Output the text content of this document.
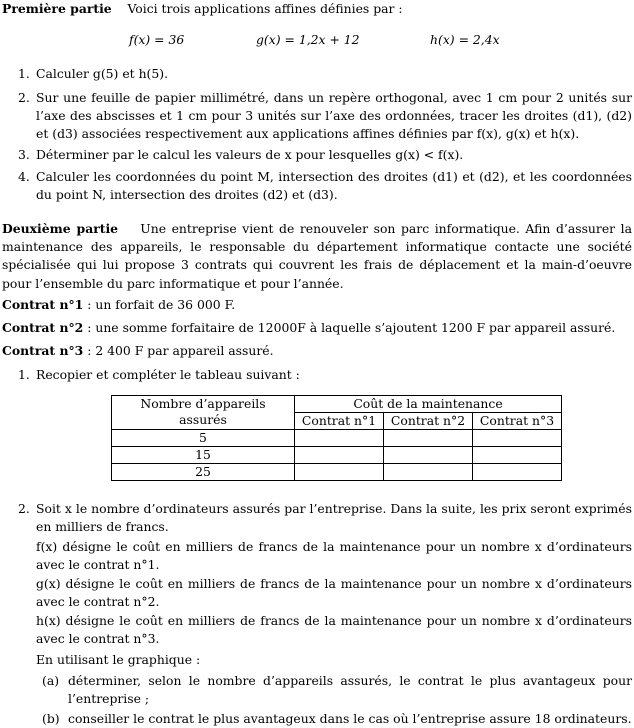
Première partie Voici trois applications affines définies par :

f(x) = 36	g(x) = 1,2x + 12	h(x) = 2,4x
1. Calculer g(5) et h(5).
2. Sur une feuille de papier millimétré, dans un repère orthogonal, avec 1 cm pour 2 unités sur l’axe des abscisses et 1 cm pour 3 unités sur l’axe des ordonnées, tracer les droites (d1), (d2) et (d3) associées respectivement aux applications affines définies par f(x), g(x) et h(x).
3. Déterminer par le calcul les valeurs de x pour lesquelles g(x) < f(x).
4. Calculer les coordonnées du point M, intersection des droites (d1) et (d2), et les coordonnées du point N, intersection des droites (d2) et (d3).

Deuxième partie Une entreprise vient de renouveler son parc informatique. Afin d’assurer la maintenance des appareils, le responsable du département informatique contacte une société spécialisée qui lui propose 3 contrats qui couvrent les frais de déplacement et la main-d’oeuvre pour l’ensemble du parc informatique et pour l’année.

Contrat n°1 : un forfait de 36 000 F.

Contrat n°2 : une somme forfaitaire de 12000F à laquelle s’ajoutent 1200 F par appareil assuré.

Contrat n°3 : 2 400 F par appareil assuré.

1. Recopier et compléter le tableau suivant :
Nombre d’appareils assurés	Coût de la maintenance		
	Contrat n°1	Contrat n°2	Contrat n°3
5			
15			
25			
2. Soit x le nombre d’ordinateurs assurés par l’entreprise. Dans la suite, les prix seront exprimés en milliers de francs.
f(x) désigne le coût en milliers de francs de la maintenance pour un nombre x d’ordinateurs avec le contrat n°1.
g(x) désigne le coût en milliers de francs de la maintenance pour un nombre x d’ordinateurs avec le contrat n°2.
h(x) désigne le coût en milliers de francs de la maintenance pour un nombre x d’ordinateurs avec le contrat n°3.
En utilisant le graphique :
(a) déterminer, selon le nombre d’appareils assurés, le contrat le plus avantageux pour l’entreprise ;
(b) conseiller le contrat le plus avantageux dans le cas où l’entreprise assure 18 ordinateurs.
